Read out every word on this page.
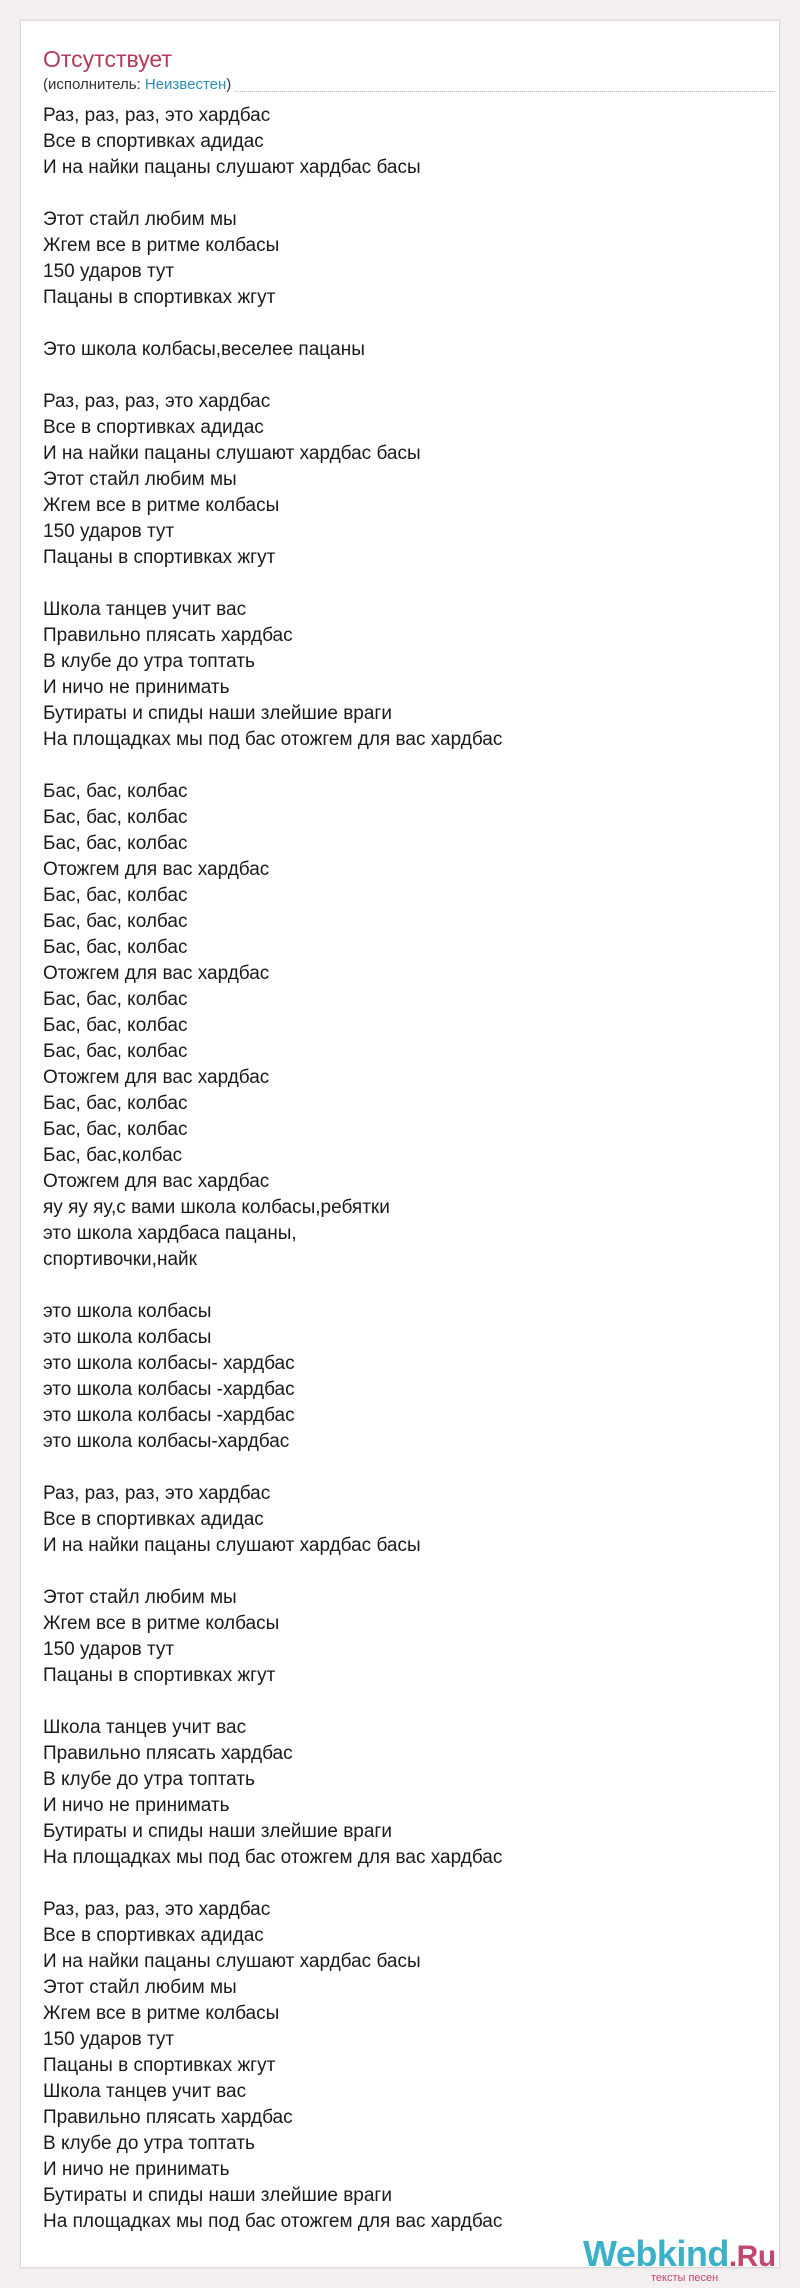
Отсутствует
(исполнитель: Неизвестен)
Раз, раз, раз, это хардбас
Все в спортивках адидас
И на найки пацаны слушают хардбас басы
Этот стайл любим мы
Жгем все в ритме колбасы
150 ударов тут
Пацаны в спортивках жгут
Это школа колбасы,веселее пацаны
Раз, раз, раз, это хардбас
Все в спортивках адидас
И на найки пацаны слушают хардбас басы
Этот стайл любим мы
Жгем все в ритме колбасы
150 ударов тут
Пацаны в спортивках жгут
Школа танцев учит вас
Правильно плясать хардбас
В клубе до утра топтать
И ничо не принимать
Бутираты и спиды наши злейшие враги
На площадках мы под бас отожгем для вас хардбас
Бас, бас, колбас
Бас, бас, колбас
Бас, бас, колбас
Отожгем для вас хардбас
Бас, бас, колбас
Бас, бас, колбас
Бас, бас, колбас
Отожгем для вас хардбас
Бас, бас, колбас
Бас, бас, колбас
Бас, бас, колбас
Отожгем для вас хардбас
Бас, бас, колбас
Бас, бас, колбас
Бас, бас,колбас
Отожгем для вас хардбас
яу яу яу,с вами школа колбасы,ребятки
это школа хардбаса пацаны,
спортивочки,найк
это школа колбасы
это школа колбасы
это школа колбасы- хардбас
это школа колбасы -хардбас
это школа колбасы -хардбас
это школа колбасы-хардбас
Раз, раз, раз, это хардбас
Все в спортивках адидас
И на найки пацаны слушают хардбас басы
Этот стайл любим мы
Жгем все в ритме колбасы
150 ударов тут
Пацаны в спортивках жгут
Школа танцев учит вас
Правильно плясать хардбас
В клубе до утра топтать
И ничо не принимать
Бутираты и спиды наши злейшие враги
На площадках мы под бас отожгем для вас хардбас
Раз, раз, раз, это хардбас
Все в спортивках адидас
И на найки пацаны слушают хардбас басы
Этот стайл любим мы
Жгем все в ритме колбасы
150 ударов тут
Пацаны в спортивках жгут
Школа танцев учит вас
Правильно плясать хардбас
В клубе до утра топтать
И ничо не принимать
Бутираты и спиды наши злейшие враги
На площадках мы под бас отожгем для вас хардбас
Webkind.Ru
тексты песен
